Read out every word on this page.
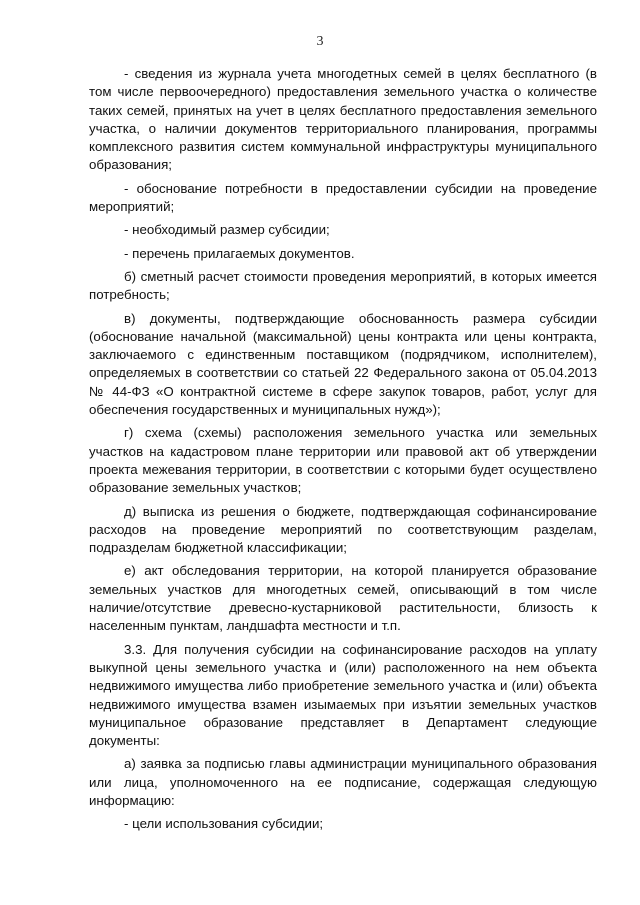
3

- сведения из журнала учета многодетных семей в целях бесплатного (в том числе первоочередного) предоставления земельного участка о количестве таких семей, принятых на учет в целях бесплатного предоставления земельного участка, о наличии документов территориального планирования, программы комплексного развития систем коммунальной инфраструктуры муниципального образования;

- обоснование потребности в предоставлении субсидии на проведение мероприятий;

- необходимый размер субсидии;

- перечень прилагаемых документов.

б) сметный расчет стоимости проведения мероприятий, в которых имеется потребность;

в) документы, подтверждающие обоснованность размера субсидии (обоснование начальной (максимальной) цены контракта или цены контракта, заключаемого с единственным поставщиком (подрядчиком, исполнителем), определяемых в соответствии со статьей 22 Федерального закона от 05.04.2013 № 44-ФЗ «О контрактной системе в сфере закупок товаров, работ, услуг для обеспечения государственных и муниципальных нужд»);

г) схема (схемы) расположения земельного участка или земельных участков на кадастровом плане территории или правовой акт об утверждении проекта межевания территории, в соответствии с которыми будет осуществлено образование земельных участков;

д) выписка из решения о бюджете, подтверждающая софинансирование расходов на проведение мероприятий по соответствующим разделам, подразделам бюджетной классификации;

е) акт обследования территории, на которой планируется образование земельных участков для многодетных семей, описывающий в том числе наличие/отсутствие древесно-кустарниковой растительности, близость к населенным пунктам, ландшафта местности и т.п.

3.3. Для получения субсидии на софинансирование расходов на уплату выкупной цены земельного участка и (или) расположенного на нем объекта недвижимого имущества либо приобретение земельного участка и (или) объекта недвижимого имущества взамен изымаемых при изъятии земельных участков муниципальное образование представляет в Департамент следующие документы:

а) заявка за подписью главы администрации муниципального образования или лица, уполномоченного на ее подписание, содержащая следующую информацию:

- цели использования субсидии;
